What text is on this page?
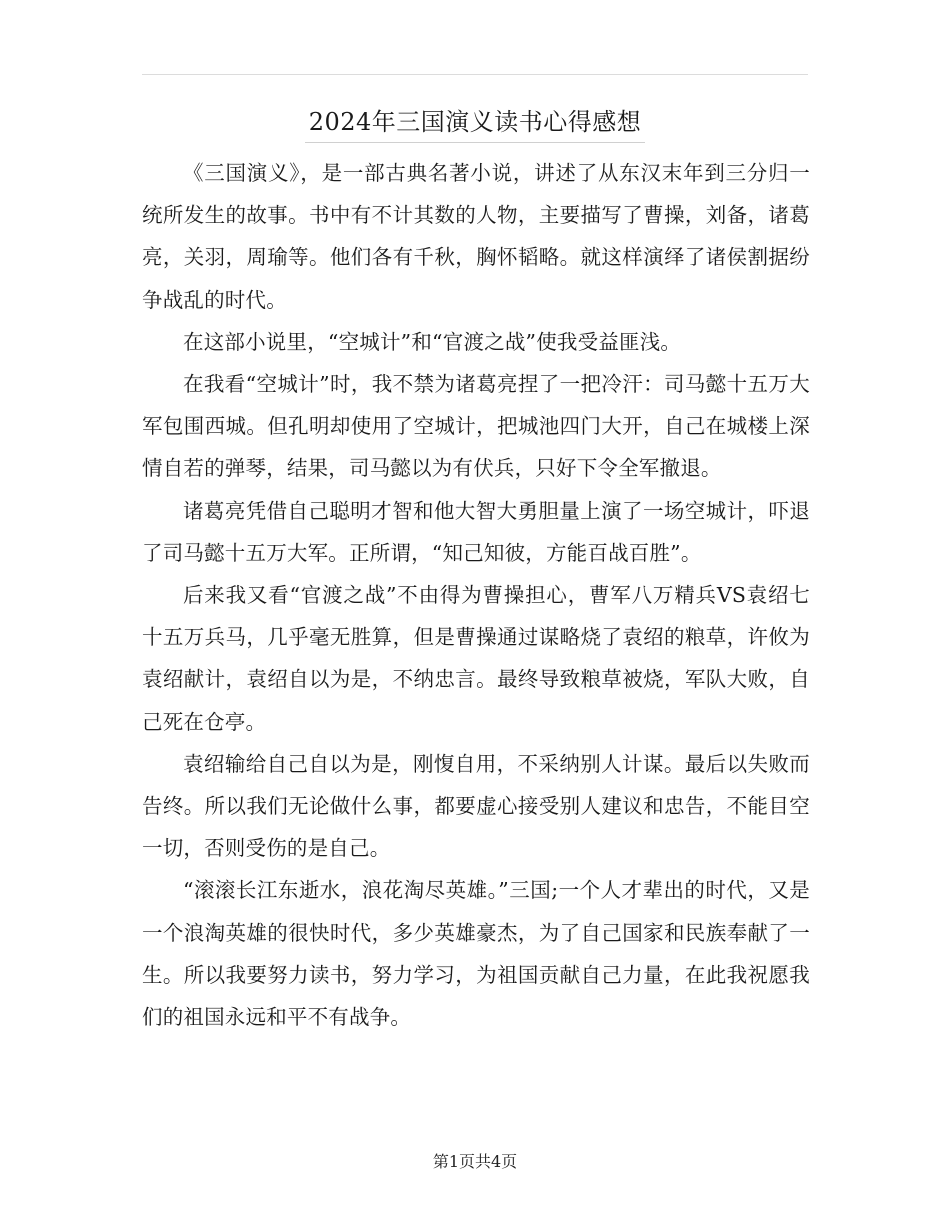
2024年三国演义读书心得感想

《三国演义》，是一部古典名著小说，讲述了从东汉末年到三分归一统所发生的故事。书中有不计其数的人物，主要描写了曹操，刘备，诸葛亮，关羽，周瑜等。他们各有千秋，胸怀韬略。就这样演绎了诸侯割据纷争战乱的时代。

在这部小说里，“空城计”和“官渡之战”使我受益匪浅。

在我看“空城计”时，我不禁为诸葛亮捏了一把冷汗：司马懿十五万大军包围西城。但孔明却使用了空城计，把城池四门大开，自己在城楼上深情自若的弹琴，结果，司马懿以为有伏兵，只好下令全军撤退。

诸葛亮凭借自己聪明才智和他大智大勇胆量上演了一场空城计，吓退了司马懿十五万大军。正所谓，“知己知彼，方能百战百胜”。

后来我又看“官渡之战”不由得为曹操担心，曹军八万精兵VS袁绍七十五万兵马，几乎毫无胜算，但是曹操通过谋略烧了袁绍的粮草，许攸为袁绍献计，袁绍自以为是，不纳忠言。最终导致粮草被烧，军队大败，自己死在仓亭。

袁绍输给自己自以为是，刚愎自用，不采纳别人计谋。最后以失败而告终。所以我们无论做什么事，都要虚心接受别人建议和忠告，不能目空一切，否则受伤的是自己。

“滚滚长江东逝水，浪花淘尽英雄。”三国;一个人才辈出的时代，又是一个浪淘英雄的很快时代，多少英雄豪杰，为了自己国家和民族奉献了一生。所以我要努力读书，努力学习，为祖国贡献自己力量，在此我祝愿我们的祖国永远和平不有战争。

第1页共4页
